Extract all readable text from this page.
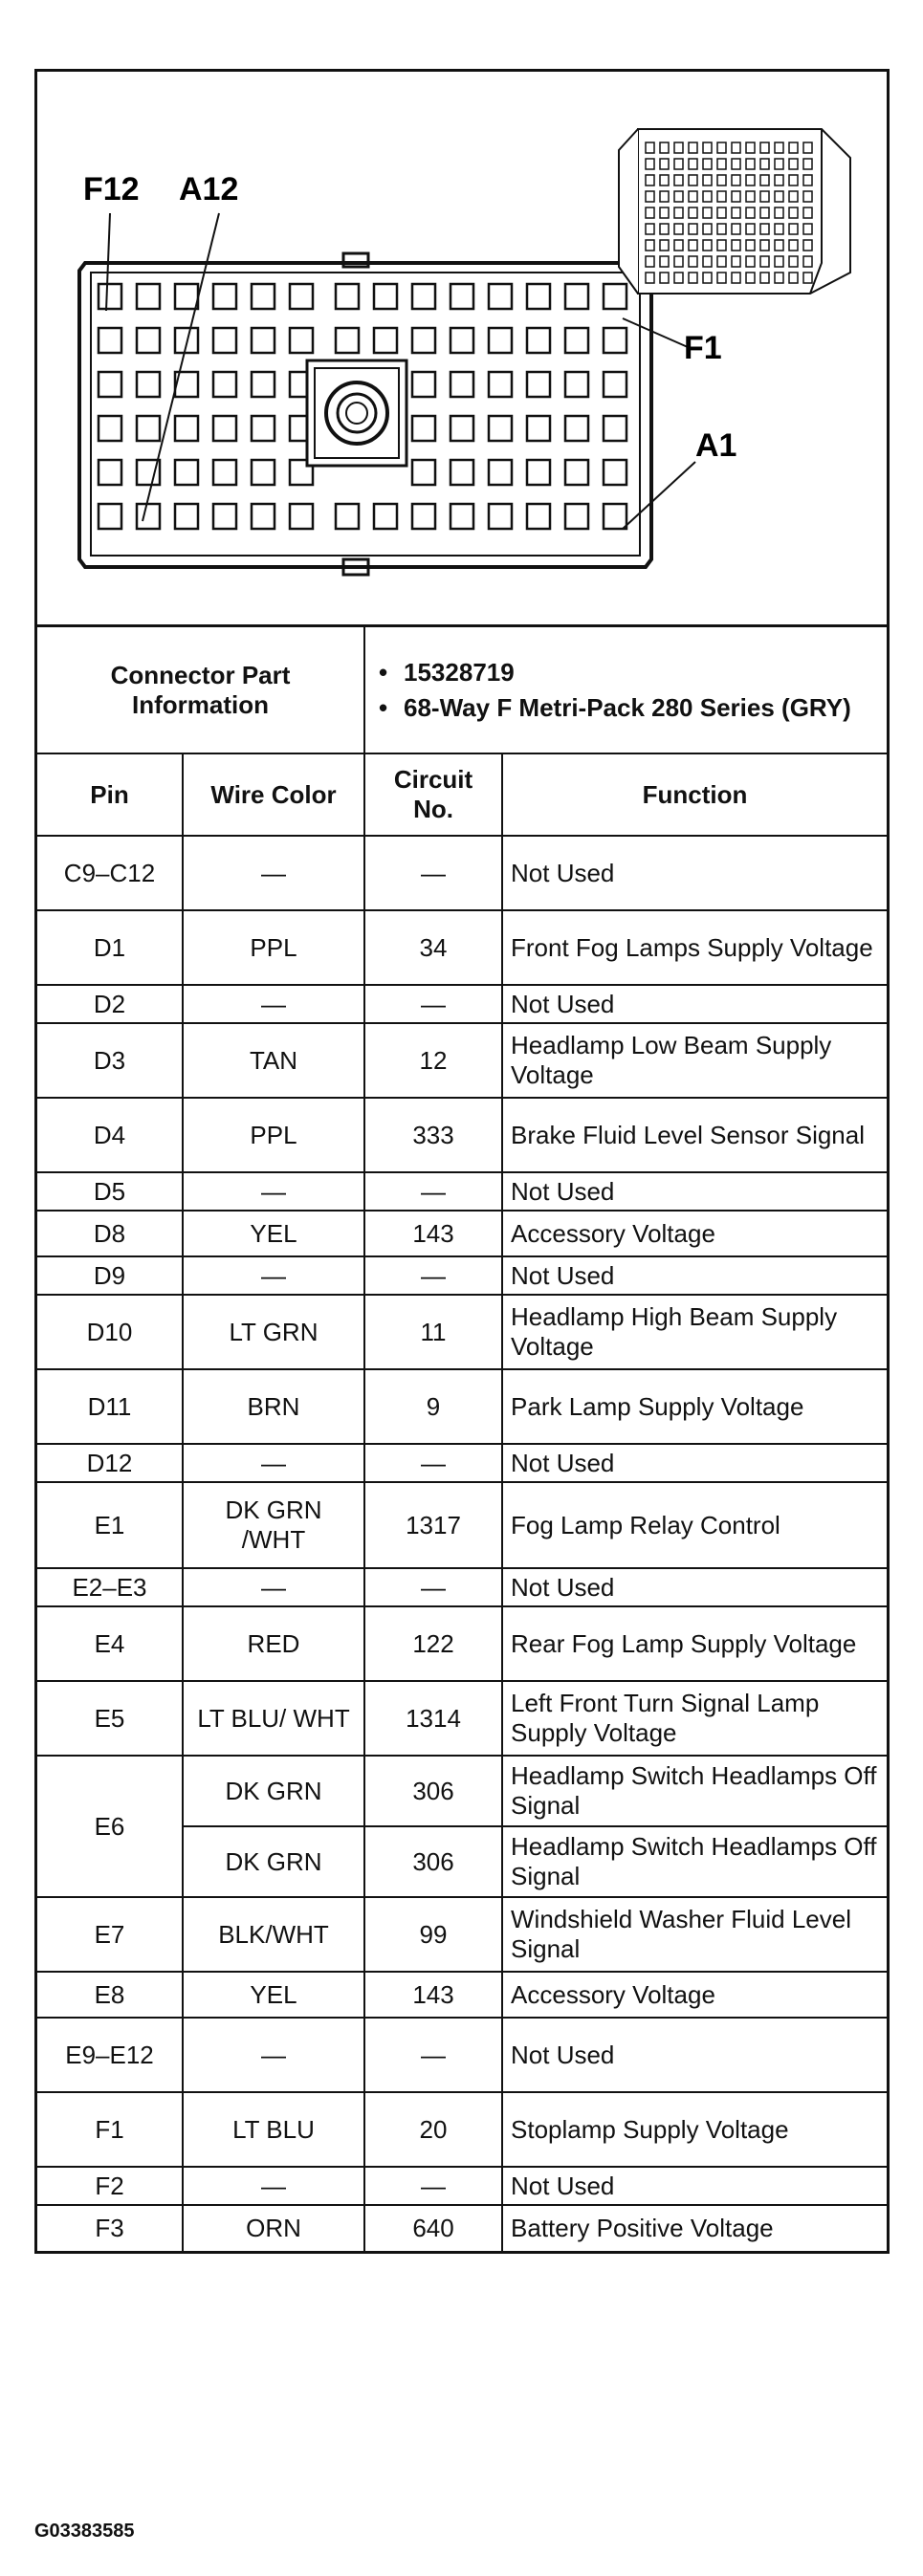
F12 A12
F1
A1
Connector Part Information		• 15328719
• 68-Way F Metri-Pack 280 Series (GRY)	

Pin	Wire Color	Circuit No.	Function
C9–C12	—	—	Not Used
D1	PPL	34	Front Fog Lamps Supply Voltage
D2	—	—	Not Used
D3	TAN	12	Headlamp Low Beam Supply Voltage
D4	PPL	333	Brake Fluid Level Sensor Signal
D5	—	—	Not Used
D8	YEL	143	Accessory Voltage
D9	—	—	Not Used
D10	LT GRN	11	Headlamp High Beam Supply Voltage
D11	BRN	9	Park Lamp Supply Voltage
D12	—	—	Not Used
E1	DK GRN /WHT	1317	Fog Lamp Relay Control
E2–E3	—	—	Not Used
E4	RED	122	Rear Fog Lamp Supply Voltage
E5	LT BLU/ WHT	1314	Left Front Turn Signal Lamp Supply Voltage
E6	DK GRN	306	Headlamp Switch Headlamps Off Signal
	DK GRN	306	Headlamp Switch Headlamps Off Signal
E7	BLK/WHT	99	Windshield Washer Fluid Level Signal
E8	YEL	143	Accessory Voltage
E9–E12	—	—	Not Used
F1	LT BLU	20	Stoplamp Supply Voltage
F2	—	—	Not Used
F3	ORN	640	Battery Positive Voltage
G03383585
